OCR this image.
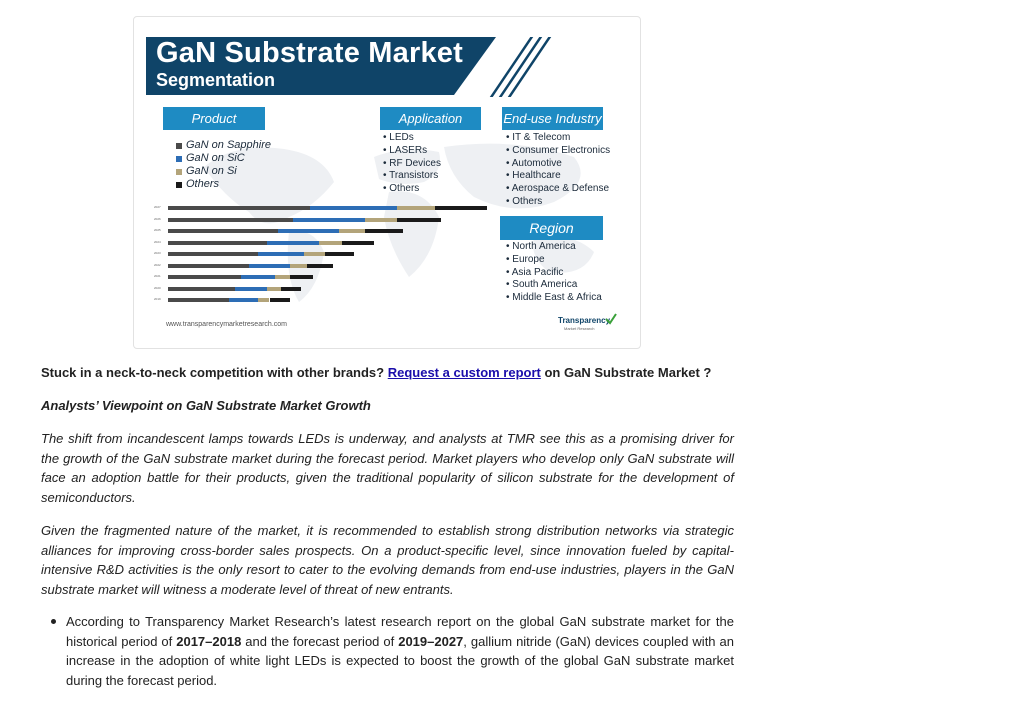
GaN Substrate Market
Segmentation
Product	Application	End-use Industry
Region
GaN on Sapphire
GaN on SiC
GaN on Si
Others
• LEDs
• LASERs
• RF Devices
• Transistors
• Others
• IT & Telecom
• Consumer Electronics
• Automotive
• Healthcare
• Aerospace & Defense
• Others
• North America
• Europe
• Asia Pacific
• South America
• Middle East & Africa
2027
2026
2025
2024
2023
2022
2021
2020
2019
www.transparencymarketresearch.com	Transparency
Market Research
Stuck in a neck-to-neck competition with other brands? Request a custom report on GaN Substrate Market ?
Analysts’ Viewpoint on GaN Substrate Market Growth
The shift from incandescent lamps towards LEDs is underway, and analysts at TMR see this as a promising driver for the growth of the GaN substrate market during the forecast period. Market players who develop only GaN substrate will face an adoption battle for their products, given the traditional popularity of silicon substrate for the development of semiconductors.
Given the fragmented nature of the market, it is recommended to establish strong distribution networks via strategic alliances for improving cross-border sales prospects. On a product-specific level, since innovation fueled by capital-intensive R&D activities is the only resort to cater to the evolving demands from end-use industries, players in the GaN substrate market will witness a moderate level of threat of new entrants.
According to Transparency Market Research’s latest research report on the global GaN substrate market for the historical period of 2017–2018 and the forecast period of 2019–2027, gallium nitride (GaN) devices coupled with an increase in the adoption of white light LEDs is expected to boost the growth of the global GaN substrate market during the forecast period.
